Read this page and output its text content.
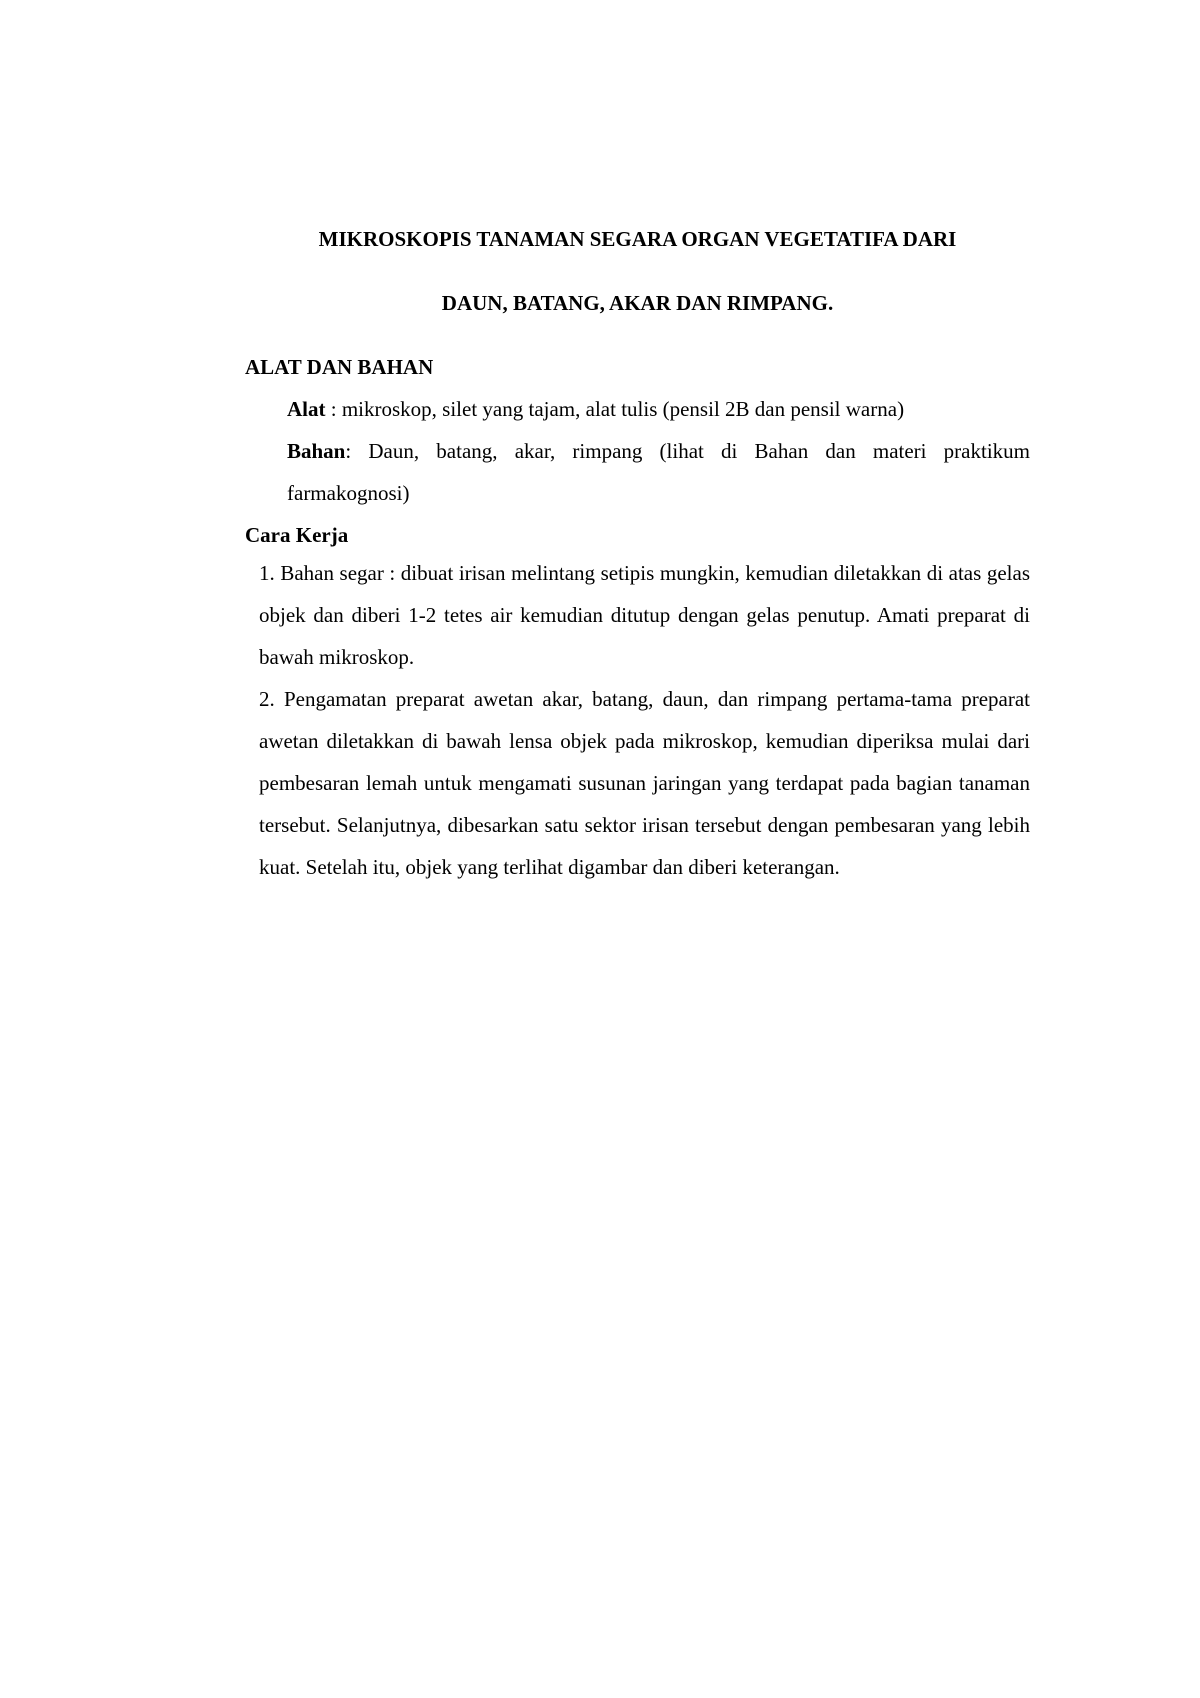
MIKROSKOPIS TANAMAN SEGARA ORGAN VEGETATIFA DARI

DAUN, BATANG, AKAR DAN RIMPANG.

ALAT DAN BAHAN

Alat : mikroskop, silet yang tajam, alat tulis (pensil 2B dan pensil warna)

Bahan: Daun, batang, akar, rimpang (lihat di Bahan dan materi praktikum farmakognosi)

Cara Kerja

1. Bahan segar : dibuat irisan melintang setipis mungkin, kemudian diletakkan di atas gelas objek dan diberi 1-2 tetes air kemudian ditutup dengan gelas penutup. Amati preparat di bawah mikroskop.
2. Pengamatan preparat awetan akar, batang, daun, dan rimpang pertama-tama preparat awetan diletakkan di bawah lensa objek pada mikroskop, kemudian diperiksa mulai dari pembesaran lemah untuk mengamati susunan jaringan yang terdapat pada bagian tanaman tersebut. Selanjutnya, dibesarkan satu sektor irisan tersebut dengan pembesaran yang lebih kuat. Setelah itu, objek yang terlihat digambar dan diberi keterangan.
